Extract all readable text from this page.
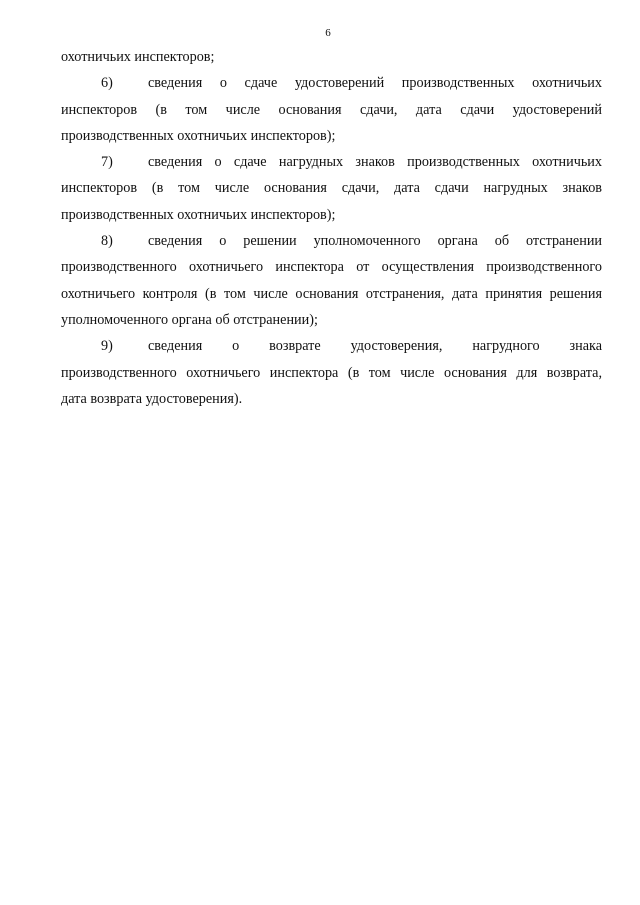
6
охотничьих инспекторов;
6) сведения о сдаче удостоверений производственных охотничьих
инспекторов (в том числе основания сдачи, дата сдачи удостоверений
производственных охотничьих инспекторов);
7) сведения о сдаче нагрудных знаков производственных охотничьих
инспекторов (в том числе основания сдачи, дата сдачи нагрудных знаков
производственных охотничьих инспекторов);
8) сведения о решении уполномоченного органа об отстранении
производственного охотничьего инспектора от осуществления производственного
охотничьего контроля (в том числе основания отстранения, дата принятия решения
уполномоченного органа об отстранении);
9) сведения о возврате удостоверения, нагрудного знака
производственного охотничьего инспектора (в том числе основания для возврата,
дата возврата удостоверения).
